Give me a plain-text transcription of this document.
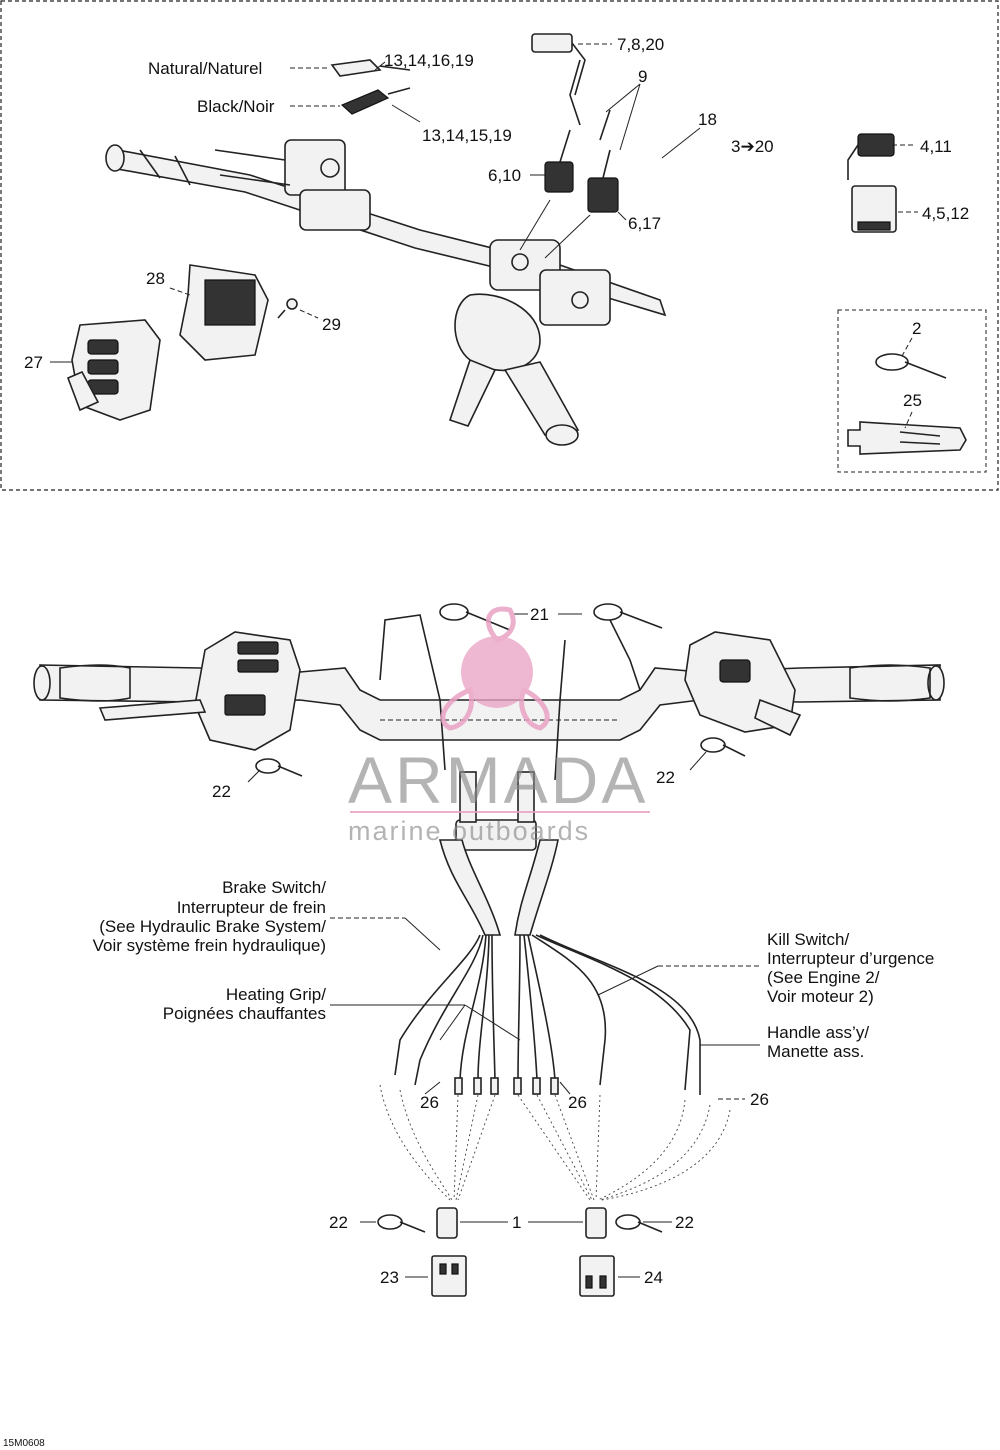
7,8,20
9
18
3➔20	4,11
4,5,12
6,10
6,17
13,14,16,19
13,14,15,19
Natural/Naturel
Black/Noir
28
29
27
2
25
21
22
22
22	22
1
23	24
26	26	26
Brake Switch/
Interrupteur de frein
(See Hydraulic Brake System/
Voir système frein hydraulique)
Heating Grip/
Poignées chauffantes
Kill Switch/
Interrupteur d’urgence
(See Engine 2/
Voir moteur 2)
Handle ass’y/
Manette ass.
ARMADA
marine outboards
15M0608
